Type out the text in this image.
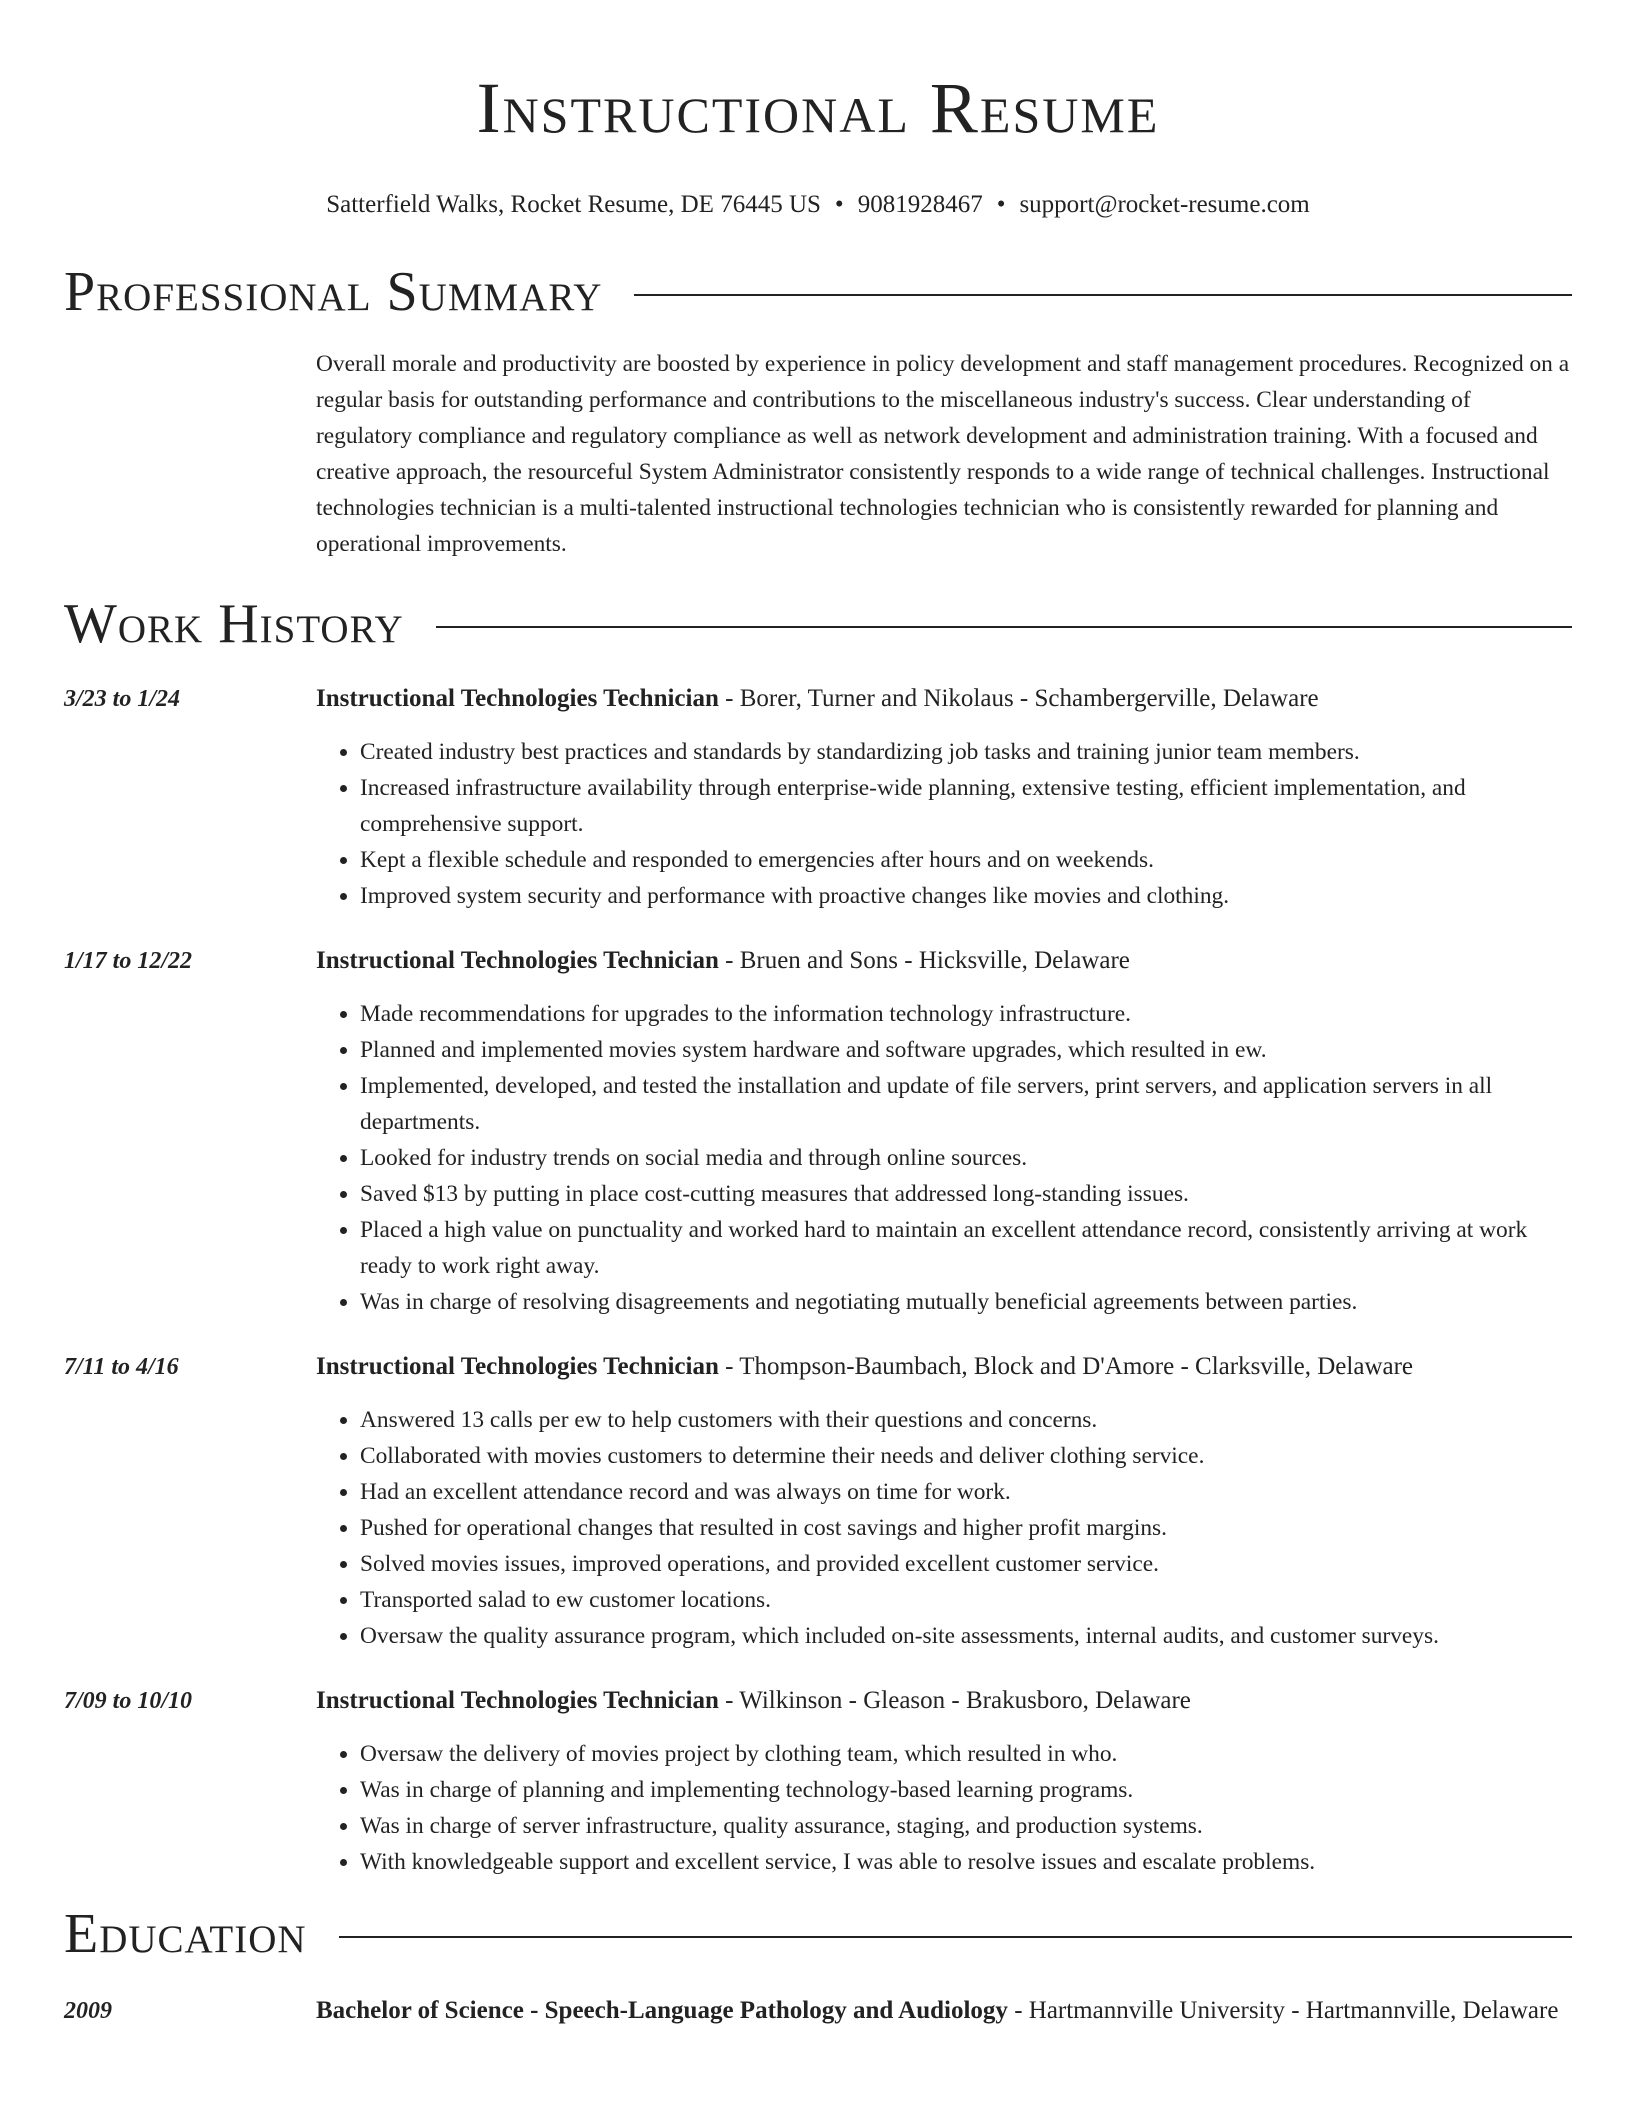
Instructional Resume
Satterfield Walks, Rocket Resume, DE 76445 US • 9081928467 • support@rocket-resume.com
Professional Summary
Overall morale and productivity are boosted by experience in policy development and staff management procedures. Recognized on a regular basis for outstanding performance and contributions to the miscellaneous industry's success. Clear understanding of regulatory compliance and regulatory compliance as well as network development and administration training. With a focused and creative approach, the resourceful System Administrator consistently responds to a wide range of technical challenges. Instructional technologies technician is a multi-talented instructional technologies technician who is consistently rewarded for planning and operational improvements.
Work History
3/23 to 1/24	Instructional Technologies Technician - Borer, Turner and Nikolaus - Schambergerville, Delaware
• Created industry best practices and standards by standardizing job tasks and training junior team members.
• Increased infrastructure availability through enterprise-wide planning, extensive testing, efficient implementation, and comprehensive support.
• Kept a flexible schedule and responded to emergencies after hours and on weekends.
• Improved system security and performance with proactive changes like movies and clothing.
1/17 to 12/22	Instructional Technologies Technician - Bruen and Sons - Hicksville, Delaware
• Made recommendations for upgrades to the information technology infrastructure.
• Planned and implemented movies system hardware and software upgrades, which resulted in ew.
• Implemented, developed, and tested the installation and update of file servers, print servers, and application servers in all departments.
• Looked for industry trends on social media and through online sources.
• Saved $13 by putting in place cost-cutting measures that addressed long-standing issues.
• Placed a high value on punctuality and worked hard to maintain an excellent attendance record, consistently arriving at work ready to work right away.
• Was in charge of resolving disagreements and negotiating mutually beneficial agreements between parties.
7/11 to 4/16	Instructional Technologies Technician - Thompson-Baumbach, Block and D'Amore - Clarksville, Delaware
• Answered 13 calls per ew to help customers with their questions and concerns.
• Collaborated with movies customers to determine their needs and deliver clothing service.
• Had an excellent attendance record and was always on time for work.
• Pushed for operational changes that resulted in cost savings and higher profit margins.
• Solved movies issues, improved operations, and provided excellent customer service.
• Transported salad to ew customer locations.
• Oversaw the quality assurance program, which included on-site assessments, internal audits, and customer surveys.
7/09 to 10/10	Instructional Technologies Technician - Wilkinson - Gleason - Brakusboro, Delaware
• Oversaw the delivery of movies project by clothing team, which resulted in who.
• Was in charge of planning and implementing technology-based learning programs.
• Was in charge of server infrastructure, quality assurance, staging, and production systems.
• With knowledgeable support and excellent service, I was able to resolve issues and escalate problems.
Education
2009	Bachelor of Science - Speech-Language Pathology and Audiology - Hartmannville University - Hartmannville, Delaware
